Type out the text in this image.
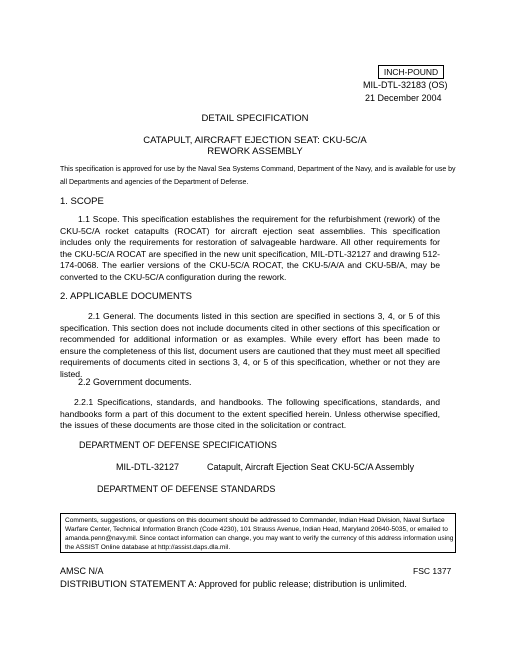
INCH-POUND
MIL-DTL-32183 (OS)
21 December 2004
DETAIL SPECIFICATION
CATAPULT, AIRCRAFT EJECTION SEAT: CKU-5C/A
REWORK ASSEMBLY
This specification is approved for use by the Naval Sea Systems Command, Department of the Navy, and is available for use by all Departments and agencies of the Department of Defense.
1. SCOPE
1.1 Scope. This specification establishes the requirement for the refurbishment (rework) of the CKU-5C/A rocket catapults (ROCAT) for aircraft ejection seat assemblies. This specification includes only the requirements for restoration of salvageable hardware. All other requirements for the CKU-5C/A ROCAT are specified in the new unit specification, MIL-DTL-32127 and drawing 512-174-0068. The earlier versions of the CKU-5C/A ROCAT, the CKU-5/A/A and CKU-5B/A, may be converted to the CKU-5C/A configuration during the rework.
2. APPLICABLE DOCUMENTS
2.1 General. The documents listed in this section are specified in sections 3, 4, or 5 of this specification. This section does not include documents cited in other sections of this specification or recommended for additional information or as examples. While every effort has been made to ensure the completeness of this list, document users are cautioned that they must meet all specified requirements of documents cited in sections 3, 4, or 5 of this specification, whether or not they are listed.
2.2 Government documents.
2.2.1 Specifications, standards, and handbooks. The following specifications, standards, and handbooks form a part of this document to the extent specified herein. Unless otherwise specified, the issues of these documents are those cited in the solicitation or contract.
DEPARTMENT OF DEFENSE SPECIFICATIONS
MIL-DTL-32127	Catapult, Aircraft Ejection Seat CKU-5C/A Assembly
DEPARTMENT OF DEFENSE STANDARDS
Comments, suggestions, or questions on this document should be addressed to Commander, Indian Head Division, Naval Surface Warfare Center, Technical Information Branch (Code 4230), 101 Strauss Avenue, Indian Head, Maryland 20640-5035, or emailed to amanda.penn@navy.mil. Since contact information can change, you may want to verify the currency of this address information using the ASSIST Online database at http://assist.daps.dla.mil.
AMSC N/A	FSC 1377
DISTRIBUTION STATEMENT A: Approved for public release; distribution is unlimited.
